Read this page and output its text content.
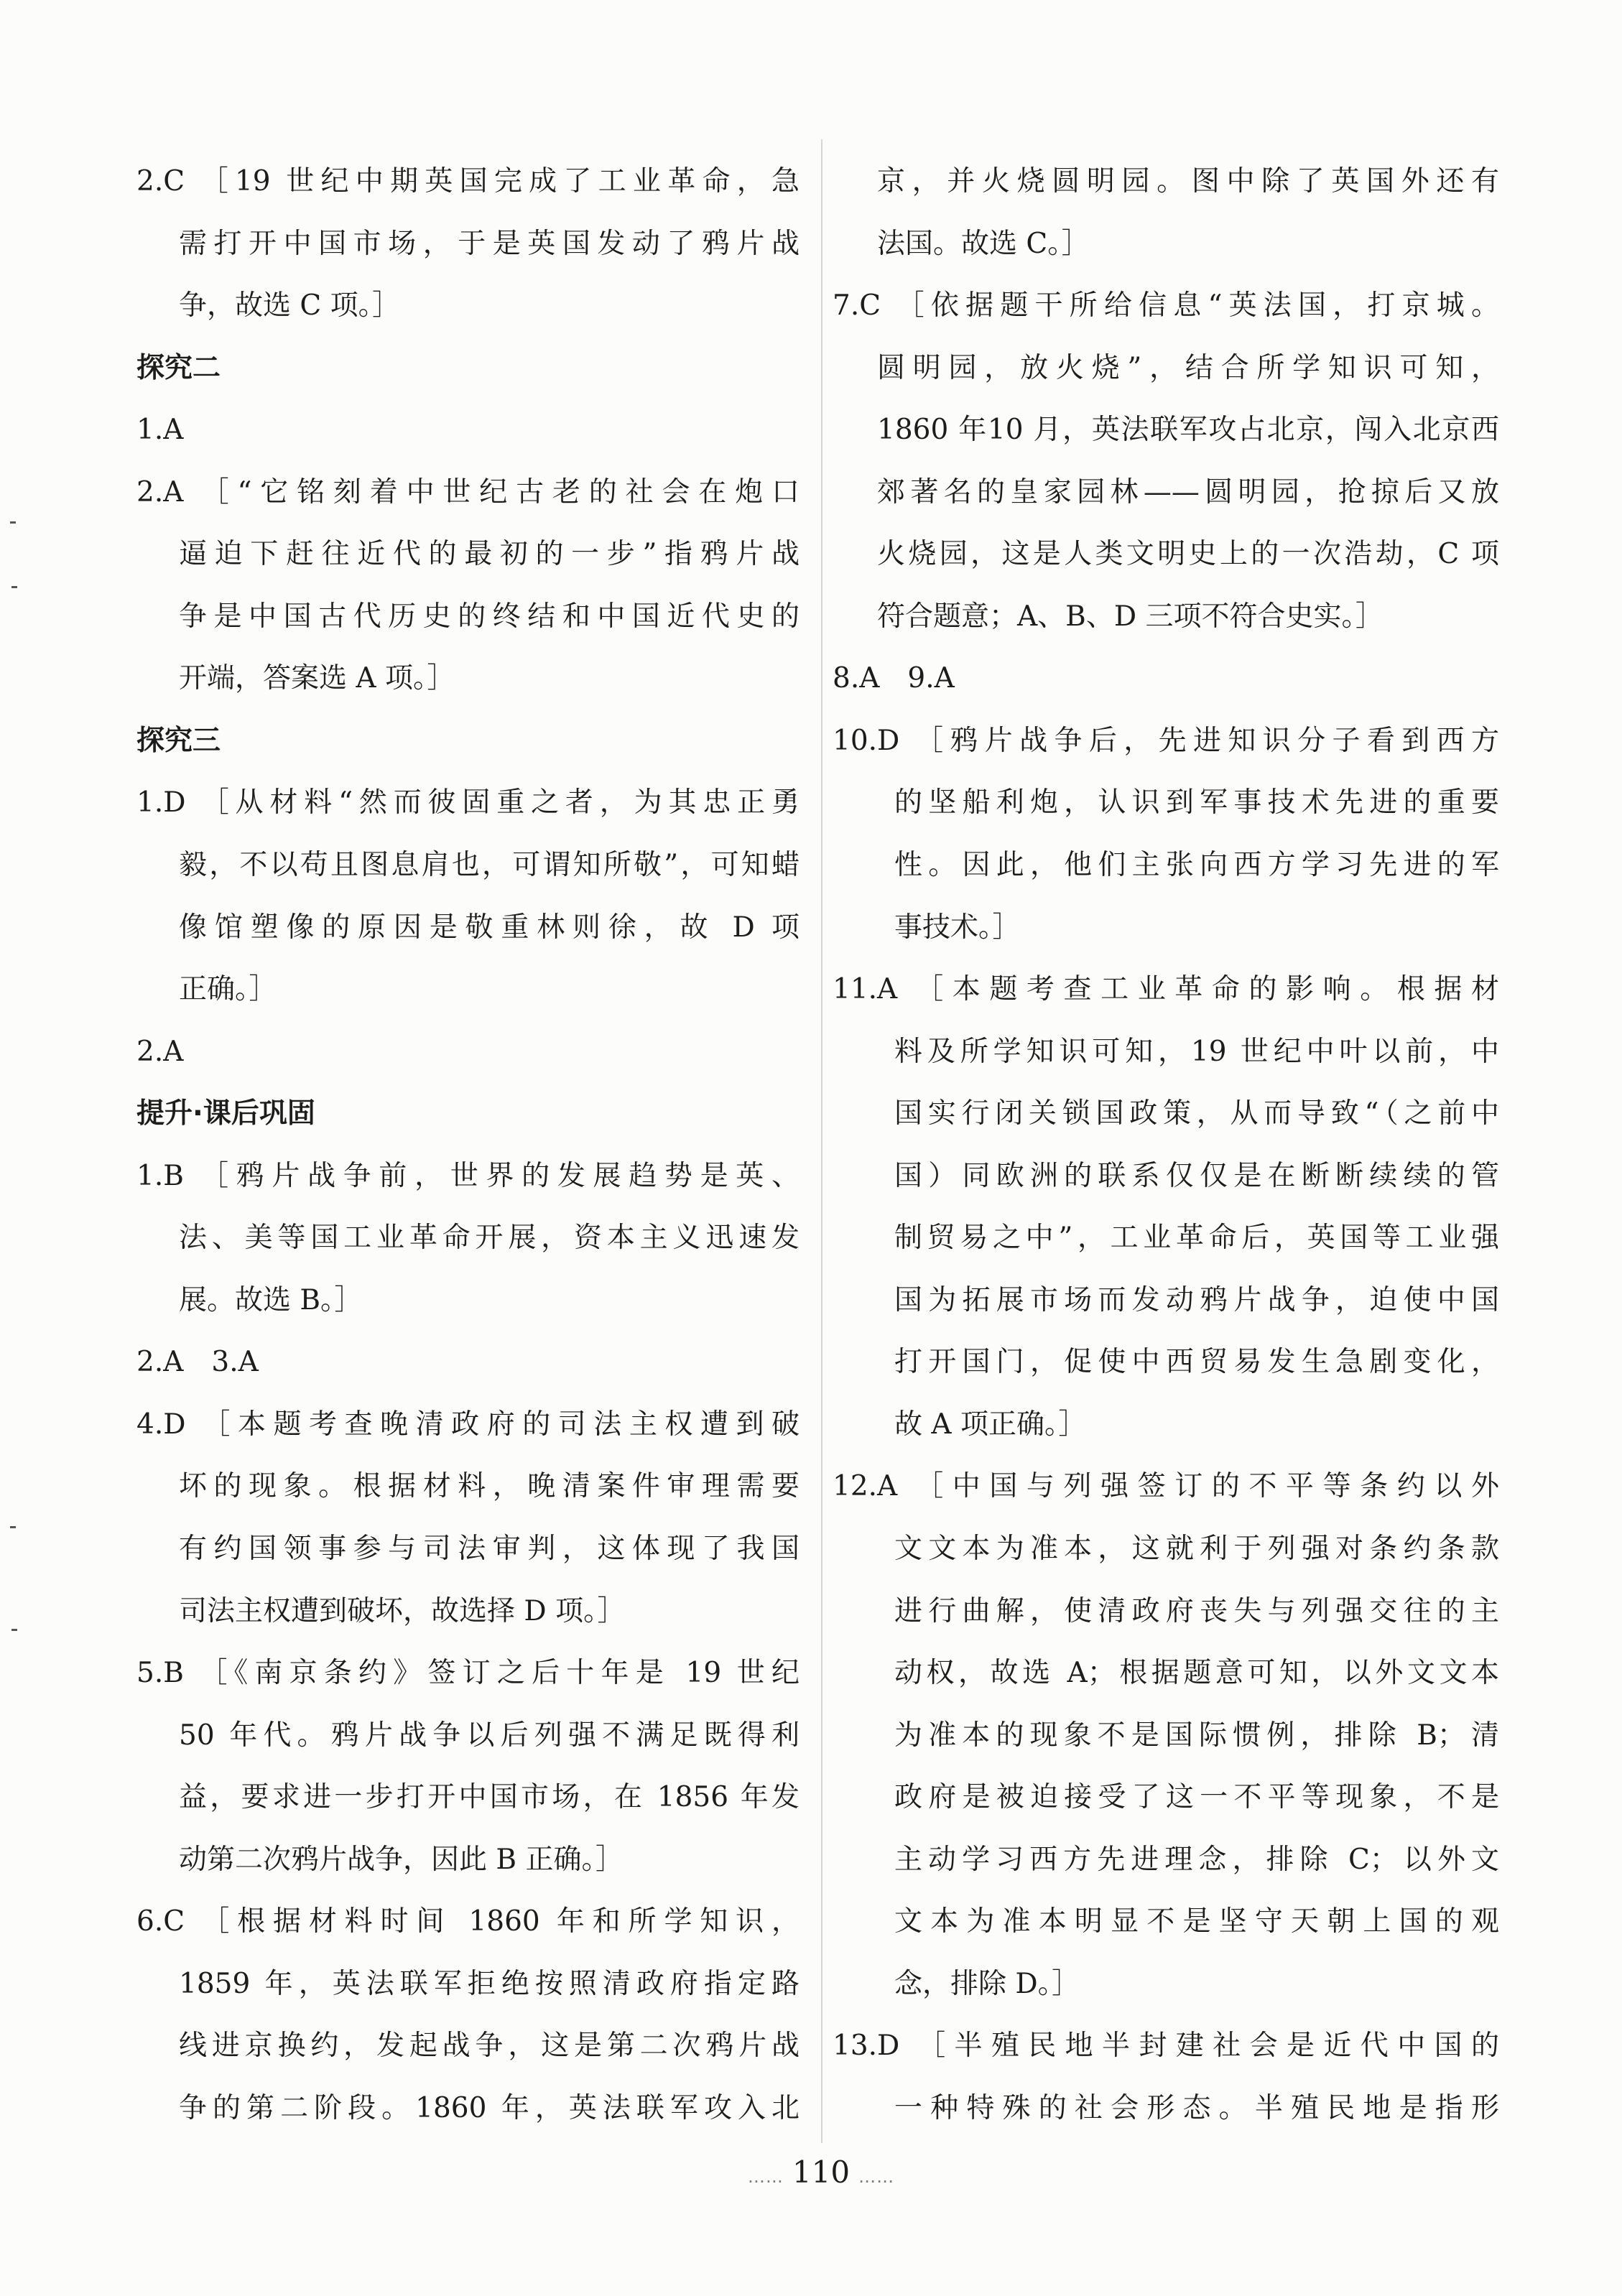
2.C ［19 世纪中期英国完成了工业革命，急
需打开中国市场，于是英国发动了鸦片战
争，故选 C 项。］
探究二
1.A
2.A ［“它铭刻着中世纪古老的社会在炮口
逼迫下赶往近代的最初的一步”指鸦片战
争是中国古代历史的终结和中国近代史的
开端，答案选 A 项。］
探究三
1.D ［从材料“然而彼固重之者，为其忠正勇
毅，不以苟且图息肩也，可谓知所敬”，可知蜡
像馆塑像的原因是敬重林则徐，故 D 项
正确。］
2.A
提升·课后巩固
1.B ［鸦片战争前，世界的发展趋势是英、
法、美等国工业革命开展，资本主义迅速发
展。故选 B。］
2.A　3.A
4.D ［本题考查晚清政府的司法主权遭到破
坏的现象。根据材料，晚清案件审理需要
有约国领事参与司法审判，这体现了我国
司法主权遭到破坏，故选择 D 项。］
5.B ［《南京条约》签订之后十年是 19 世纪
50 年代。鸦片战争以后列强不满足既得利
益，要求进一步打开中国市场，在 1856 年发
动第二次鸦片战争，因此 B 正确。］
6.C ［根据材料时间 1860 年和所学知识，
1859 年，英法联军拒绝按照清政府指定路
线进京换约，发起战争，这是第二次鸦片战
争的第二阶段。1860 年，英法联军攻入北
京，并火烧圆明园。图中除了英国外还有
法国。故选 C。］
7.C ［依据题干所给信息“英法国，打京城。
圆明园，放火烧”，结合所学知识可知，
1860 年10 月，英法联军攻占北京，闯入北京西
郊著名的皇家园林——圆明园，抢掠后又放
火烧园，这是人类文明史上的一次浩劫，C 项
符合题意；A、B、D 三项不符合史实。］
8.A　9.A
10.D ［鸦片战争后，先进知识分子看到西方
的坚船利炮，认识到军事技术先进的重要
性。因此，他们主张向西方学习先进的军
事技术。］
11.A ［本题考查工业革命的影响。根据材
料及所学知识可知，19 世纪中叶以前，中
国实行闭关锁国政策，从而导致“（之前中
国）同欧洲的联系仅仅是在断断续续的管
制贸易之中”，工业革命后，英国等工业强
国为拓展市场而发动鸦片战争，迫使中国
打开国门，促使中西贸易发生急剧变化，
故 A 项正确。］
12.A ［中国与列强签订的不平等条约以外
文文本为准本，这就利于列强对条约条款
进行曲解，使清政府丧失与列强交往的主
动权，故选 A；根据题意可知，以外文文本
为准本的现象不是国际惯例，排除 B；清
政府是被迫接受了这一不平等现象，不是
主动学习西方先进理念，排除 C；以外文
文本为准本明显不是坚守天朝上国的观
念，排除 D。］
13.D ［半殖民地半封建社会是近代中国的
一种特殊的社会形态。半殖民地是指形
…… 110 ……
